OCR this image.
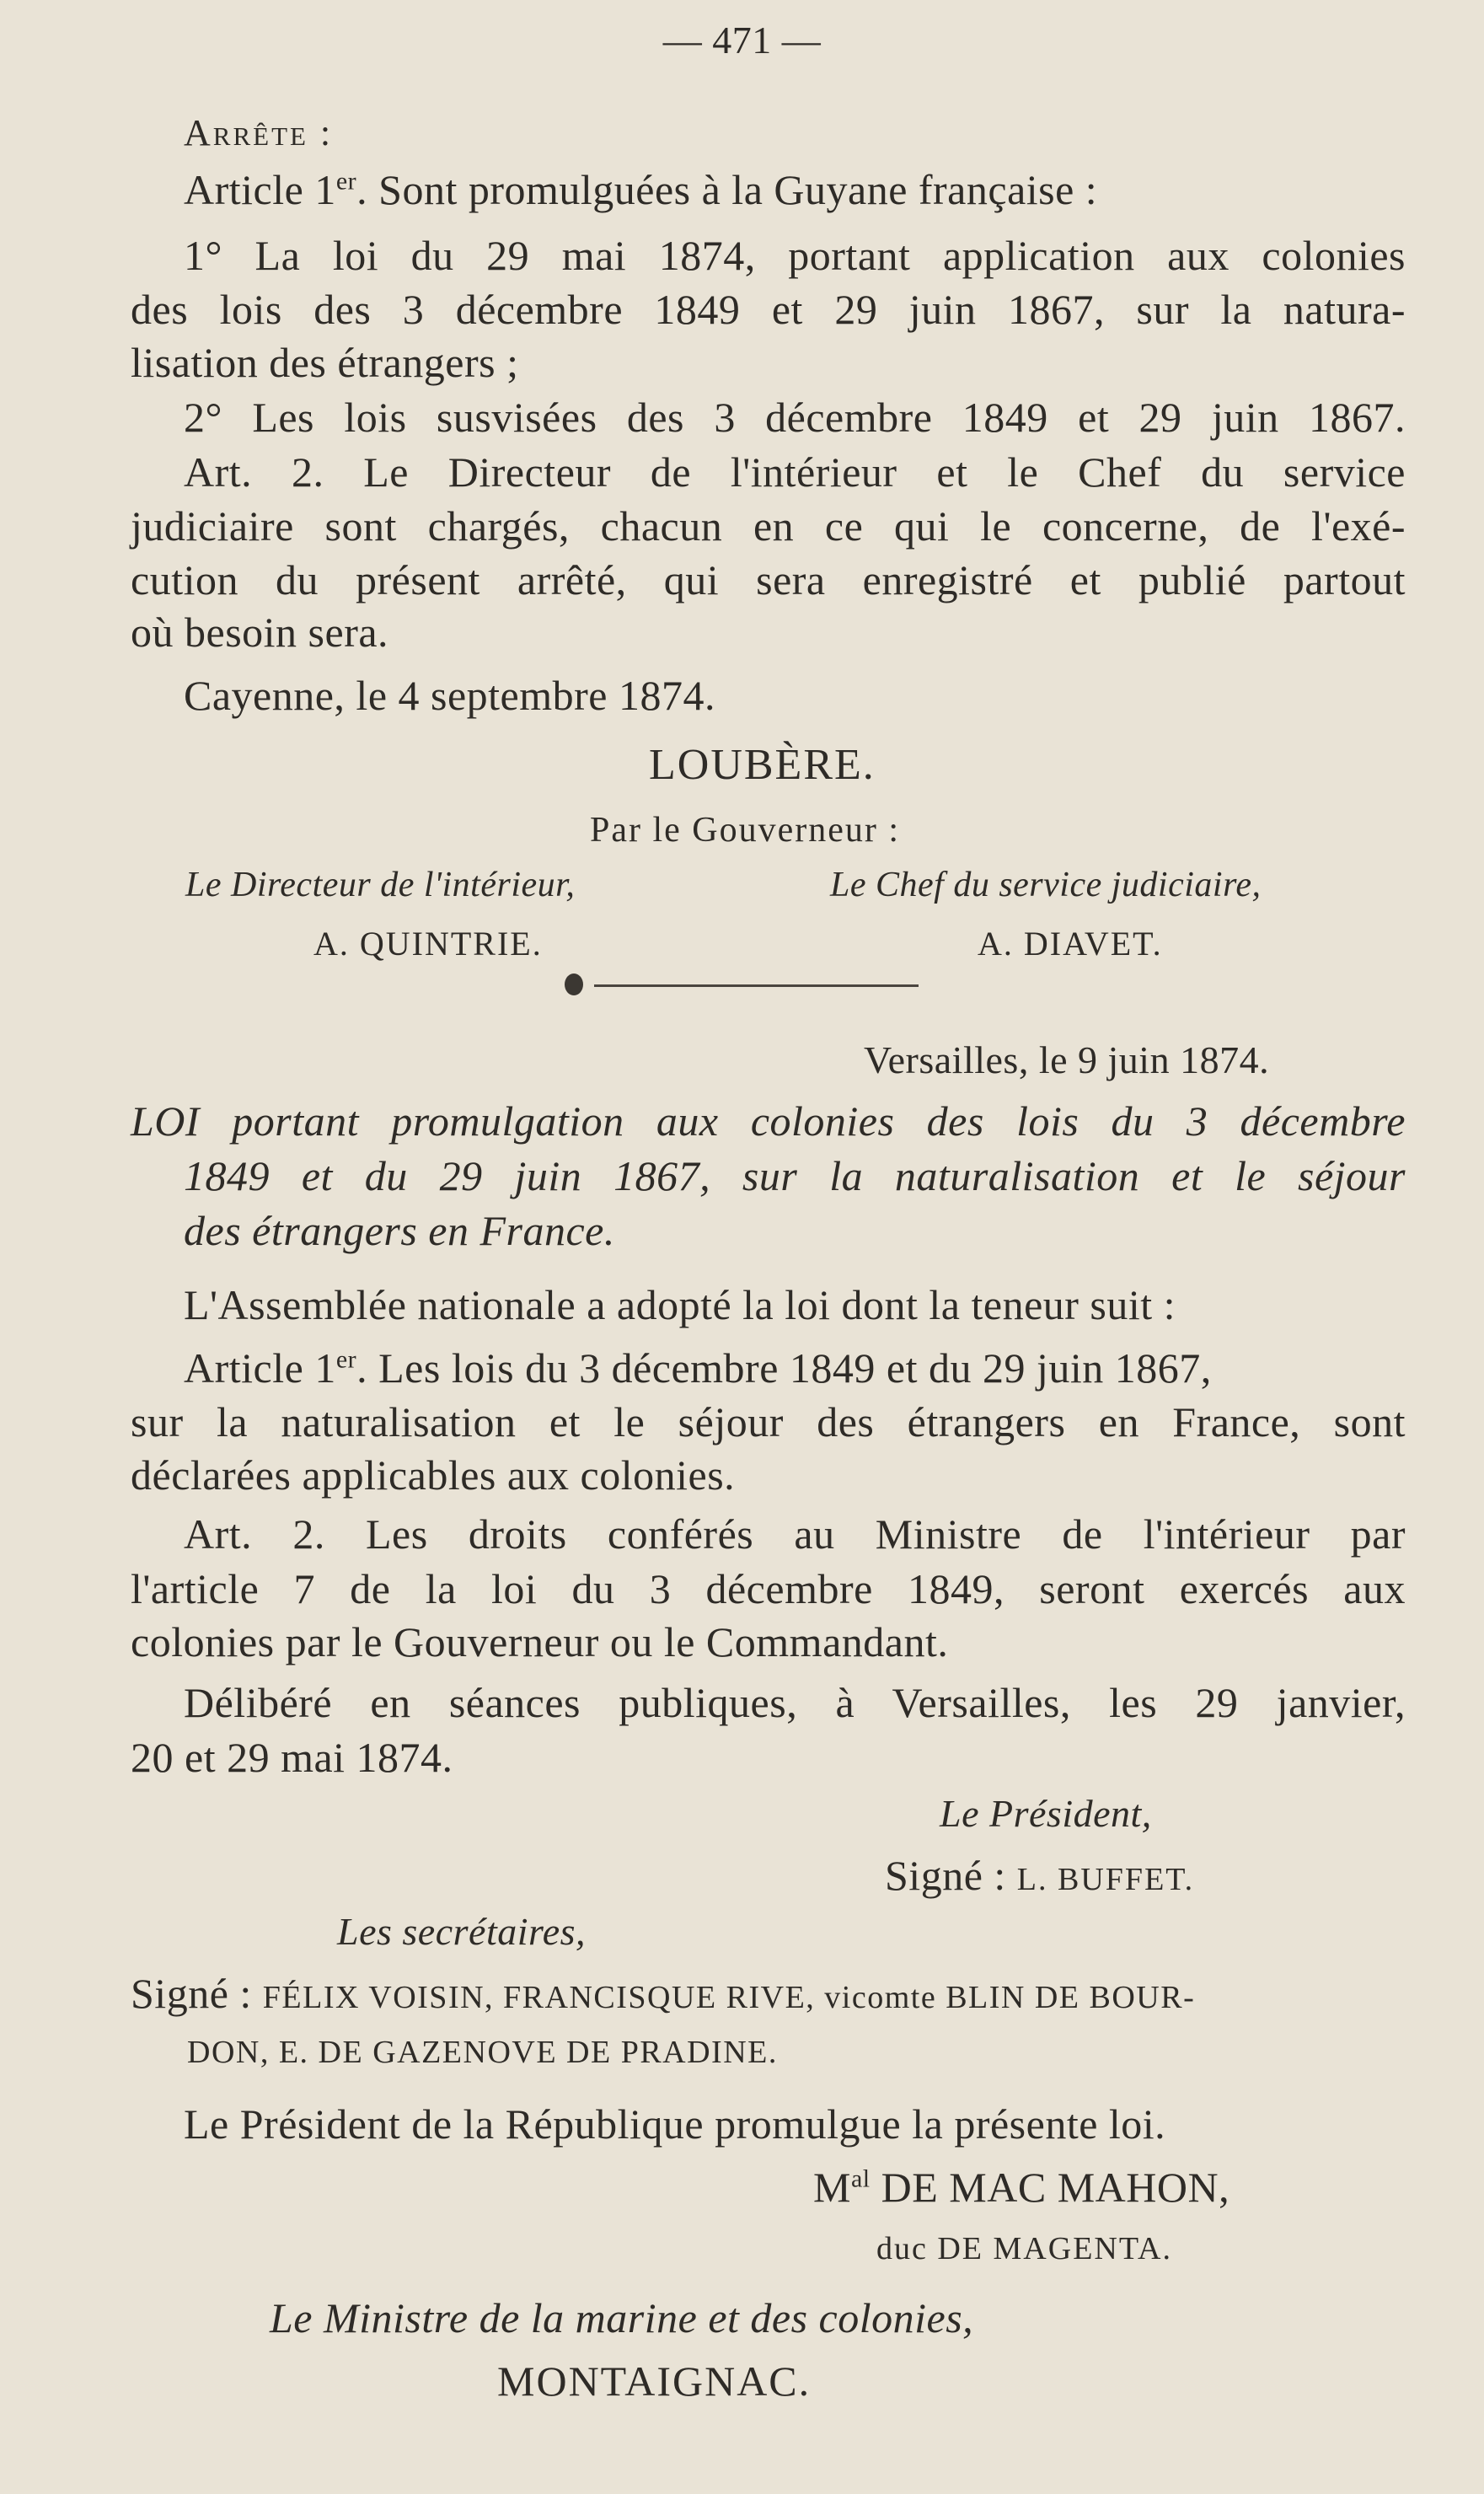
— 471 —
Arrête :
Article 1er. Sont promulguées à la Guyane française :
1° La loi du 29 mai 1874, portant application aux colonies
des lois des 3 décembre 1849 et 29 juin 1867, sur la natura-
lisation des étrangers ;
2° Les lois susvisées des 3 décembre 1849 et 29 juin 1867.
Art. 2. Le Directeur de l'intérieur et le Chef du service
judiciaire sont chargés, chacun en ce qui le concerne, de l'exé-
cution du présent arrêté, qui sera enregistré et publié partout
où besoin sera.
Cayenne, le 4 septembre 1874.
LOUBÈRE.
Par le Gouverneur :
Le Directeur de l'intérieur,	Le Chef du service judiciaire,
A. QUINTRIE.	A. DIAVET.
Versailles, le 9 juin 1874.
LOI portant promulgation aux colonies des lois du 3 décembre
1849 et du 29 juin 1867, sur la naturalisation et le séjour
des étrangers en France.
L'Assemblée nationale a adopté la loi dont la teneur suit :
Article 1er. Les lois du 3 décembre 1849 et du 29 juin 1867,
sur la naturalisation et le séjour des étrangers en France, sont
déclarées applicables aux colonies.
Art. 2. Les droits conférés au Ministre de l'intérieur par
l'article 7 de la loi du 3 décembre 1849, seront exercés aux
colonies par le Gouverneur ou le Commandant.
Délibéré en séances publiques, à Versailles, les 29 janvier,
20 et 29 mai 1874.
Le Président,
Signé : L. BUFFET.
Les secrétaires,
Signé : FÉLIX VOISIN, FRANCISQUE RIVE, vicomte BLIN DE BOUR-
DON, E. DE GAZENOVE DE PRADINE.
Le Président de la République promulgue la présente loi.
$M^{al}$ DE MAC MAHON,
duc DE MAGENTA.
Le Ministre de la marine et des colonies,
MONTAIGNAC.
